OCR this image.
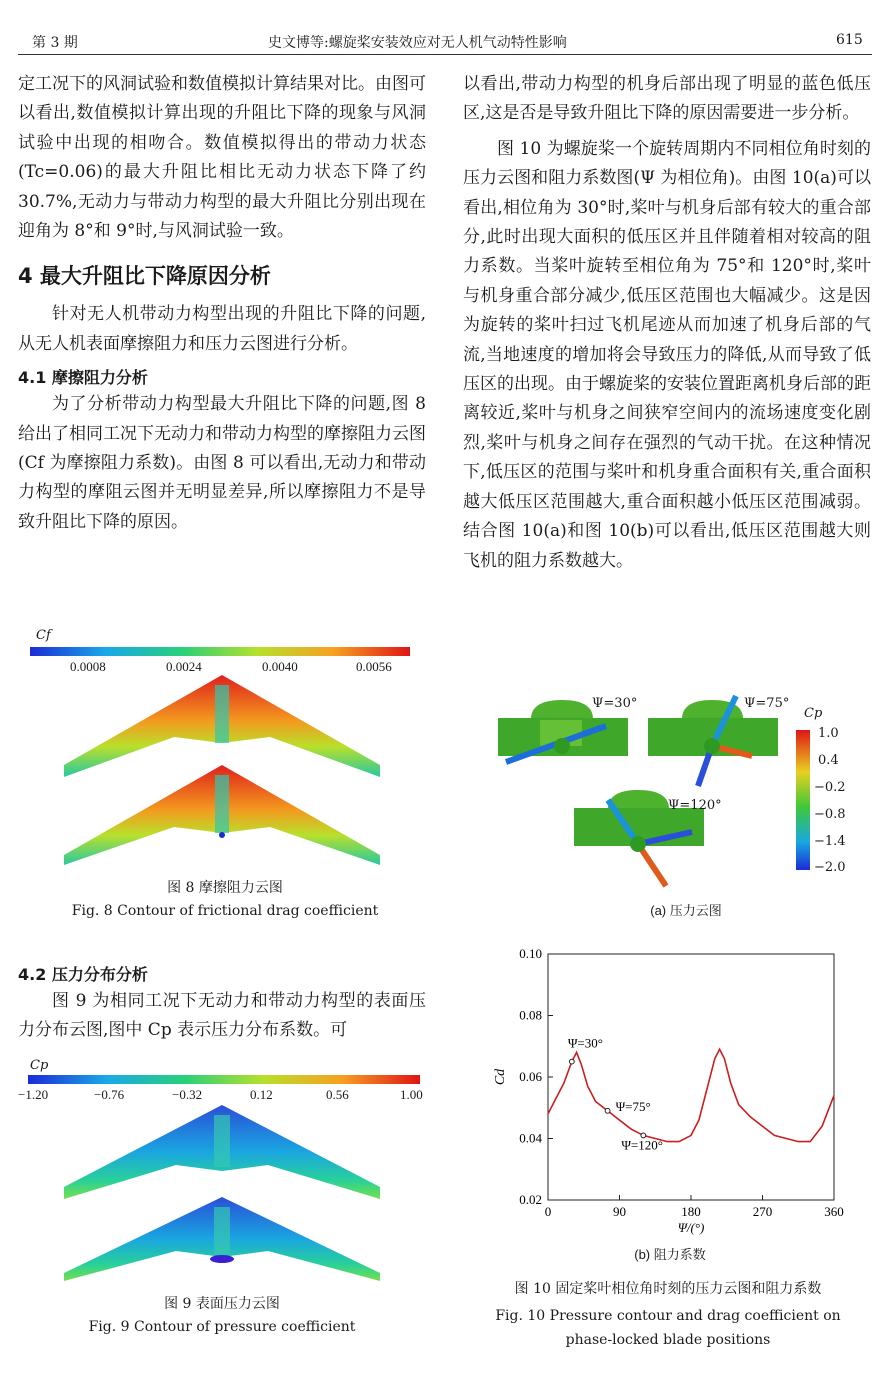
第 3 期	史文博等:螺旋桨安装效应对无人机气动特性影响	615

定工况下的风洞试验和数值模拟计算结果对比。由图可以看出,数值模拟计算出现的升阻比下降的现象与风洞试验中出现的相吻合。数值模拟得出的带动力状态(Tc=0.06)的最大升阻比相比无动力状态下降了约 30.7%,无动力与带动力构型的最大升阻比分别出现在迎角为 8°和 9°时,与风洞试验一致。

4 最大升阻比下降原因分析

针对无人机带动力构型出现的升阻比下降的问题,从无人机表面摩擦阻力和压力云图进行分析。

4.1 摩擦阻力分析

为了分析带动力构型最大升阻比下降的问题,图 8 给出了相同工况下无动力和带动力构型的摩擦阻力云图(Cf 为摩擦阻力系数)。由图 8 可以看出,无动力和带动力构型的摩阻云图并无明显差异,所以摩擦阻力不是导致升阻比下降的原因。

Cf
0.0008	0.0024	0.0040	0.0056
图 8 摩擦阻力云图
Fig. 8 Contour of frictional drag coefficient
4.2 压力分布分析

图 9 为相同工况下无动力和带动力构型的表面压力分布云图,图中 Cp 表示压力分布系数。可

Cp
−1.20	−0.76	−0.32	0.12	0.56	1.00
图 9 表面压力云图
Fig. 9 Contour of pressure coefficient

以看出,带动力构型的机身后部出现了明显的蓝色低压区,这是否是导致升阻比下降的原因需要进一步分析。

图 10 为螺旋桨一个旋转周期内不同相位角时刻的压力云图和阻力系数图(Ψ 为相位角)。由图 10(a)可以看出,相位角为 30°时,桨叶与机身后部有较大的重合部分,此时出现大面积的低压区并且伴随着相对较高的阻力系数。当桨叶旋转至相位角为 75°和 120°时,桨叶与机身重合部分减少,低压区范围也大幅减少。这是因为旋转的桨叶扫过飞机尾迹从而加速了机身后部的气流,当地速度的增加将会导致压力的降低,从而导致了低压区的出现。由于螺旋桨的安装位置距离机身后部的距离较近,桨叶与机身之间狭窄空间内的流场速度变化剧烈,桨叶与机身之间存在强烈的气动干扰。在这种情况下,低压区的范围与桨叶和机身重合面积有关,重合面积越大低压区范围越大,重合面积越小低压区范围减弱。结合图 10(a)和图 10(b)可以看出,低压区范围越大则飞机的阻力系数越大。

Ψ=30°	Ψ=75°
Ψ=120°
Cp
1.0
0.4
−0.2
−0.8
−1.4
−2.0
(a) 压力云图
0	90	180	270	360
0.02
0.04
0.06
0.08
0.10
Ψ/(°)
Cd
Ψ=30°
Ψ=75°
Ψ=120°
(b) 阻力系数
图 10 固定桨叶相位角时刻的压力云图和阻力系数
Fig. 10 Pressure contour and drag coefficient on
phase-locked blade positions
